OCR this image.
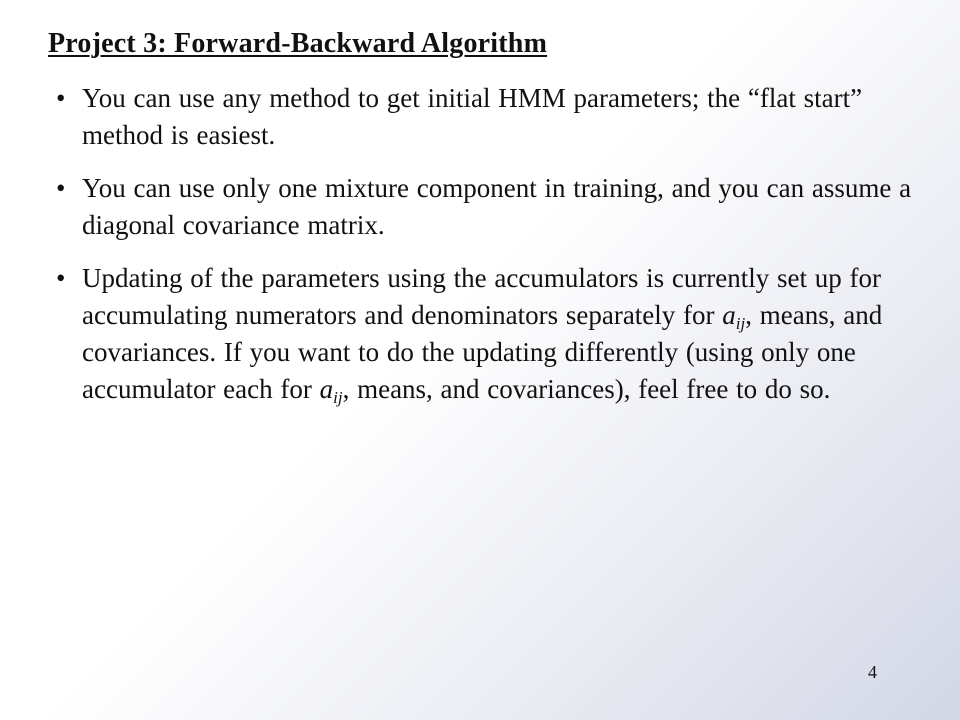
Project 3: Forward-Backward Algorithm
• You can use any method to get initial HMM parameters; the “flat start” method is easiest.
• You can use only one mixture component in training, and you can assume a diagonal covariance matrix.
• Updating of the parameters using the accumulators is currently set up for accumulating numerators and denominators separately for $a_{ij}$, means, and covariances. If you want to do the updating differently (using only one accumulator each for $a_{ij}$, means, and covariances), feel free to do so.
4
